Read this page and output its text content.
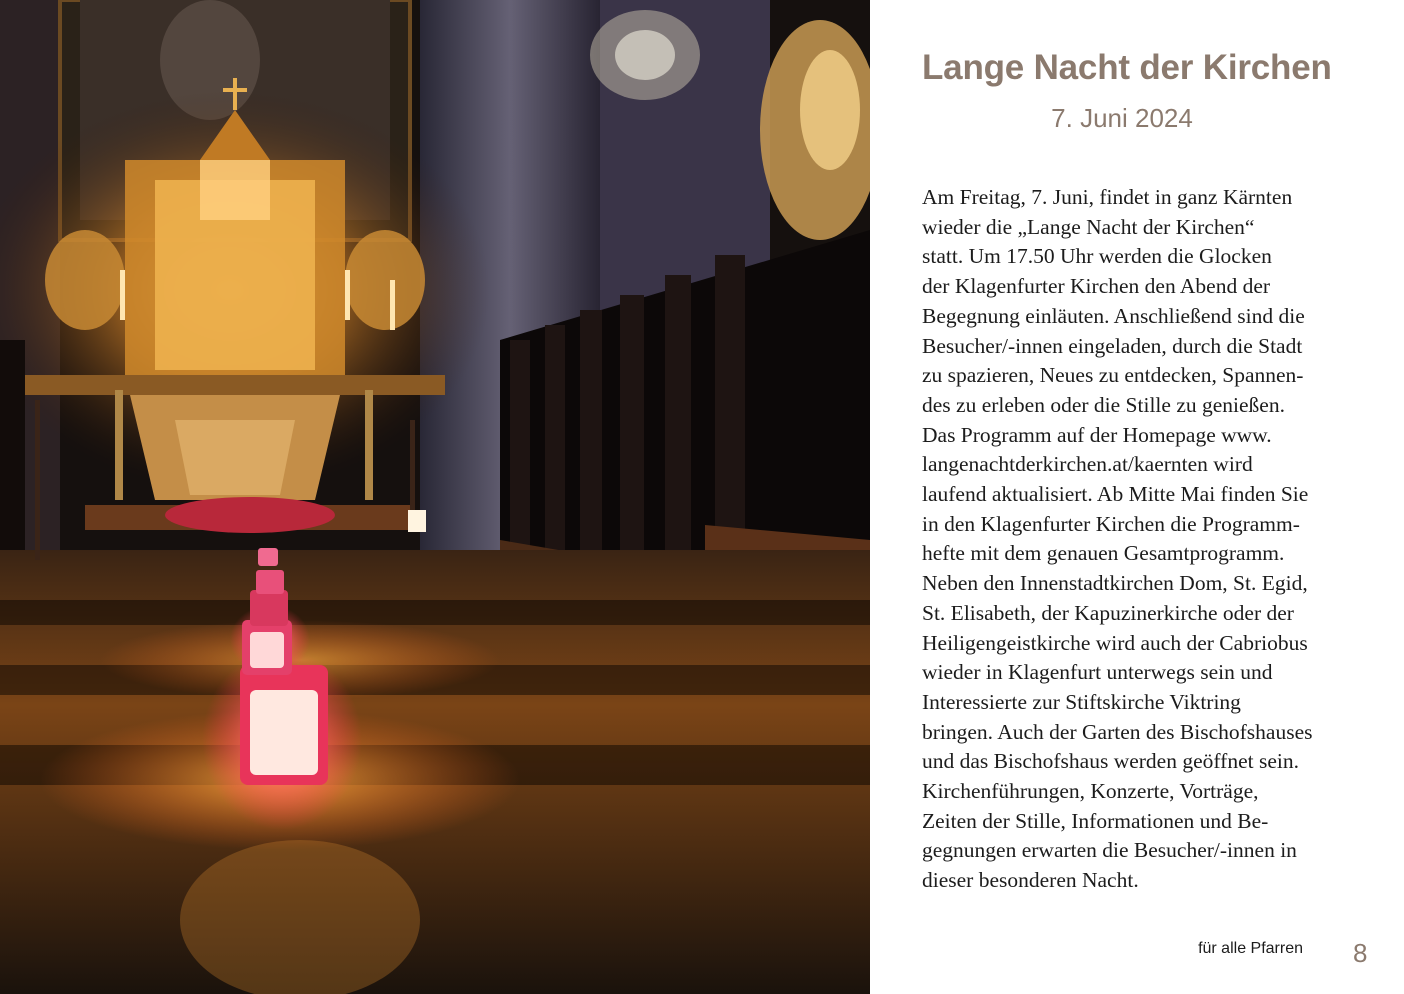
Lange Nacht der Kirchen
7. Juni 2024
Am Freitag, 7. Juni, findet in ganz Kärnten
wieder die „Lange Nacht der Kirchen“
statt. Um 17.50 Uhr werden die Glocken
der Klagenfurter Kirchen den Abend der
Begegnung einläuten. Anschließend sind die
Besucher/-innen eingeladen, durch die Stadt
zu spazieren, Neues zu entdecken, Spannen-
des zu erleben oder die Stille zu genießen.
Das Programm auf der Homepage www.
langenachtderkirchen.at/kaernten wird
laufend aktualisiert. Ab Mitte Mai finden Sie
in den Klagenfurter Kirchen die Programm-
hefte mit dem genauen Gesamtprogramm.
Neben den Innenstadtkirchen Dom, St. Egid,
St. Elisabeth, der Kapuzinerkirche oder der
Heiligengeistkirche wird auch der Cabriobus
wieder in Klagenfurt unterwegs sein und
Interessierte zur Stiftskirche Viktring
bringen. Auch der Garten des Bischofshauses
und das Bischofshaus werden geöffnet sein.
Kirchenführungen, Konzerte, Vorträge,
Zeiten der Stille, Informationen und Be-
gegnungen erwarten die Besucher/-innen in
dieser besonderen Nacht.
für alle Pfarren 8
